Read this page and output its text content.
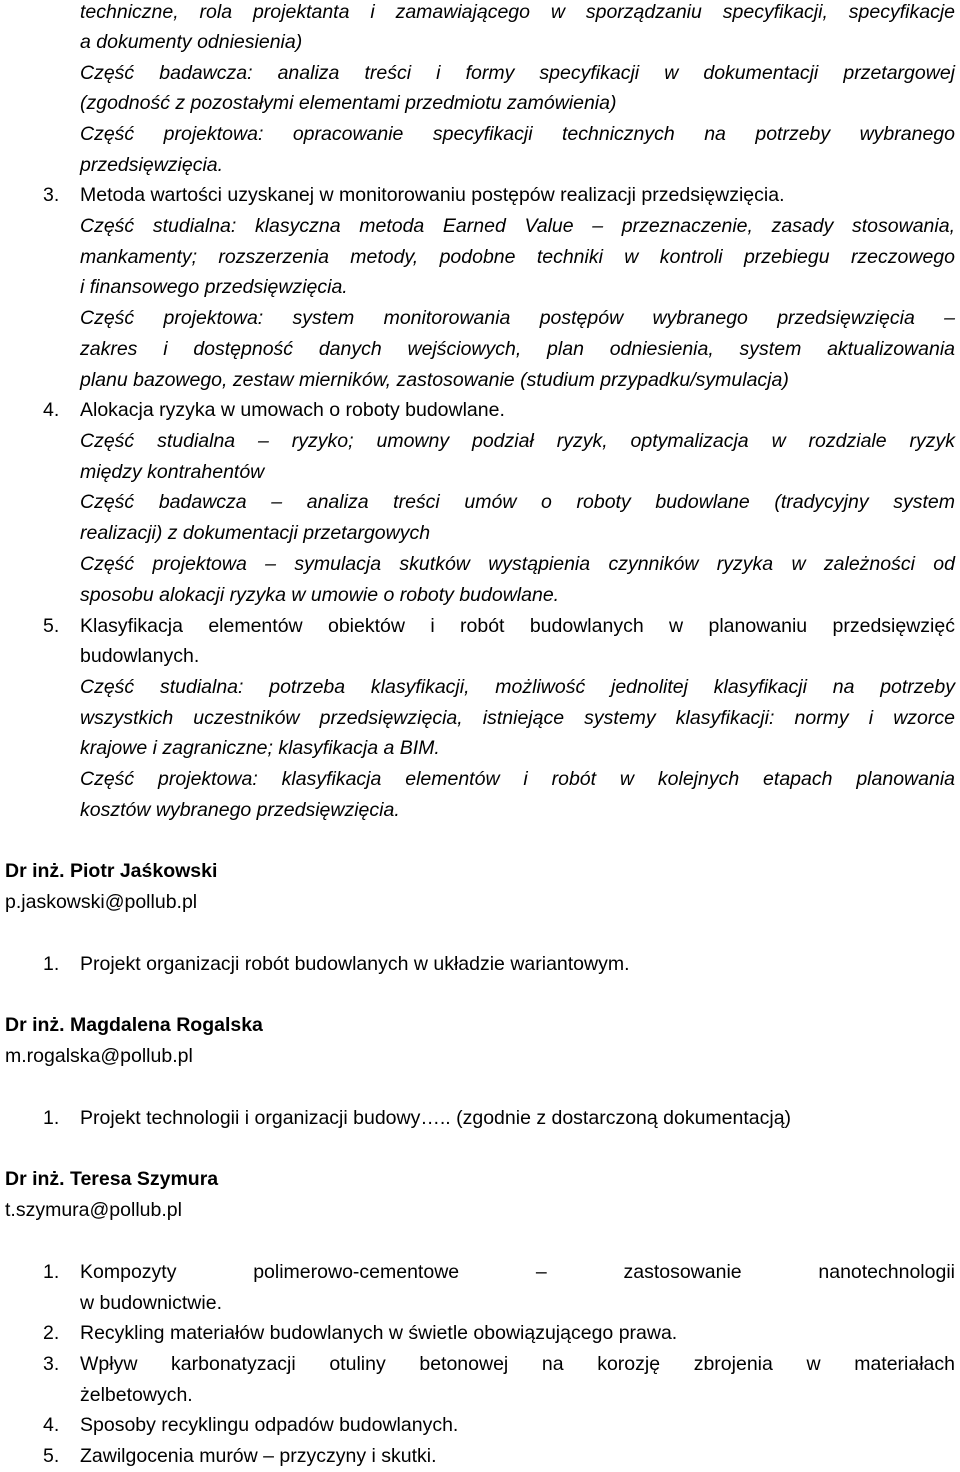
techniczne, rola projektanta i zamawiającego w sporządzaniu specyfikacji, specyfikacje
a dokumenty odniesienia)
Część badawcza: analiza treści i formy specyfikacji w dokumentacji przetargowej
(zgodność z pozostałymi elementami przedmiotu zamówienia)
Część projektowa: opracowanie specyfikacji technicznych na potrzeby wybranego
przedsięwzięcia.
3. Metoda wartości uzyskanej w monitorowaniu postępów realizacji przedsięwzięcia.
Część studialna: klasyczna metoda Earned Value – przeznaczenie, zasady stosowania,
mankamenty; rozszerzenia metody, podobne techniki w kontroli przebiegu rzeczowego
i finansowego przedsięwzięcia.
Część projektowa: system monitorowania postępów wybranego przedsięwzięcia –
zakres i dostępność danych wejściowych, plan odniesienia, system aktualizowania
planu bazowego, zestaw mierników, zastosowanie (studium przypadku/symulacja)
4. Alokacja ryzyka w umowach o roboty budowlane.
Część studialna – ryzyko; umowny podział ryzyk, optymalizacja w rozdziale ryzyk
między kontrahentów
Część badawcza – analiza treści umów o roboty budowlane (tradycyjny system
realizacji) z dokumentacji przetargowych
Część projektowa – symulacja skutków wystąpienia czynników ryzyka w zależności od
sposobu alokacji ryzyka w umowie o roboty budowlane.
5. Klasyfikacja elementów obiektów i robót budowlanych w planowaniu przedsięwzięć
budowlanych.
Część studialna: potrzeba klasyfikacji, możliwość jednolitej klasyfikacji na potrzeby
wszystkich uczestników przedsięwzięcia, istniejące systemy klasyfikacji: normy i wzorce
krajowe i zagraniczne; klasyfikacja a BIM.
Część projektowa: klasyfikacja elementów i robót w kolejnych etapach planowania
kosztów wybranego przedsięwzięcia.
Dr inż. Piotr Jaśkowski
p.jaskowski@pollub.pl
1. Projekt organizacji robót budowlanych w układzie wariantowym.
Dr inż. Magdalena Rogalska
m.rogalska@pollub.pl
1. Projekt technologii i organizacji budowy….. (zgodnie z dostarczoną dokumentacją)
Dr inż. Teresa Szymura
t.szymura@pollub.pl
1. Kompozyty   polimerowo-cementowe   –   zastosowanie   nanotechnologii
w budownictwie.
2. Recykling materiałów budowlanych w świetle obowiązującego prawa.
3. Wpływ karbonatyzacji otuliny betonowej na korozję zbrojenia w materiałach
żelbetowych.
4. Sposoby recyklingu odpadów budowlanych.
5. Zawilgocenia murów – przyczyny i skutki.
